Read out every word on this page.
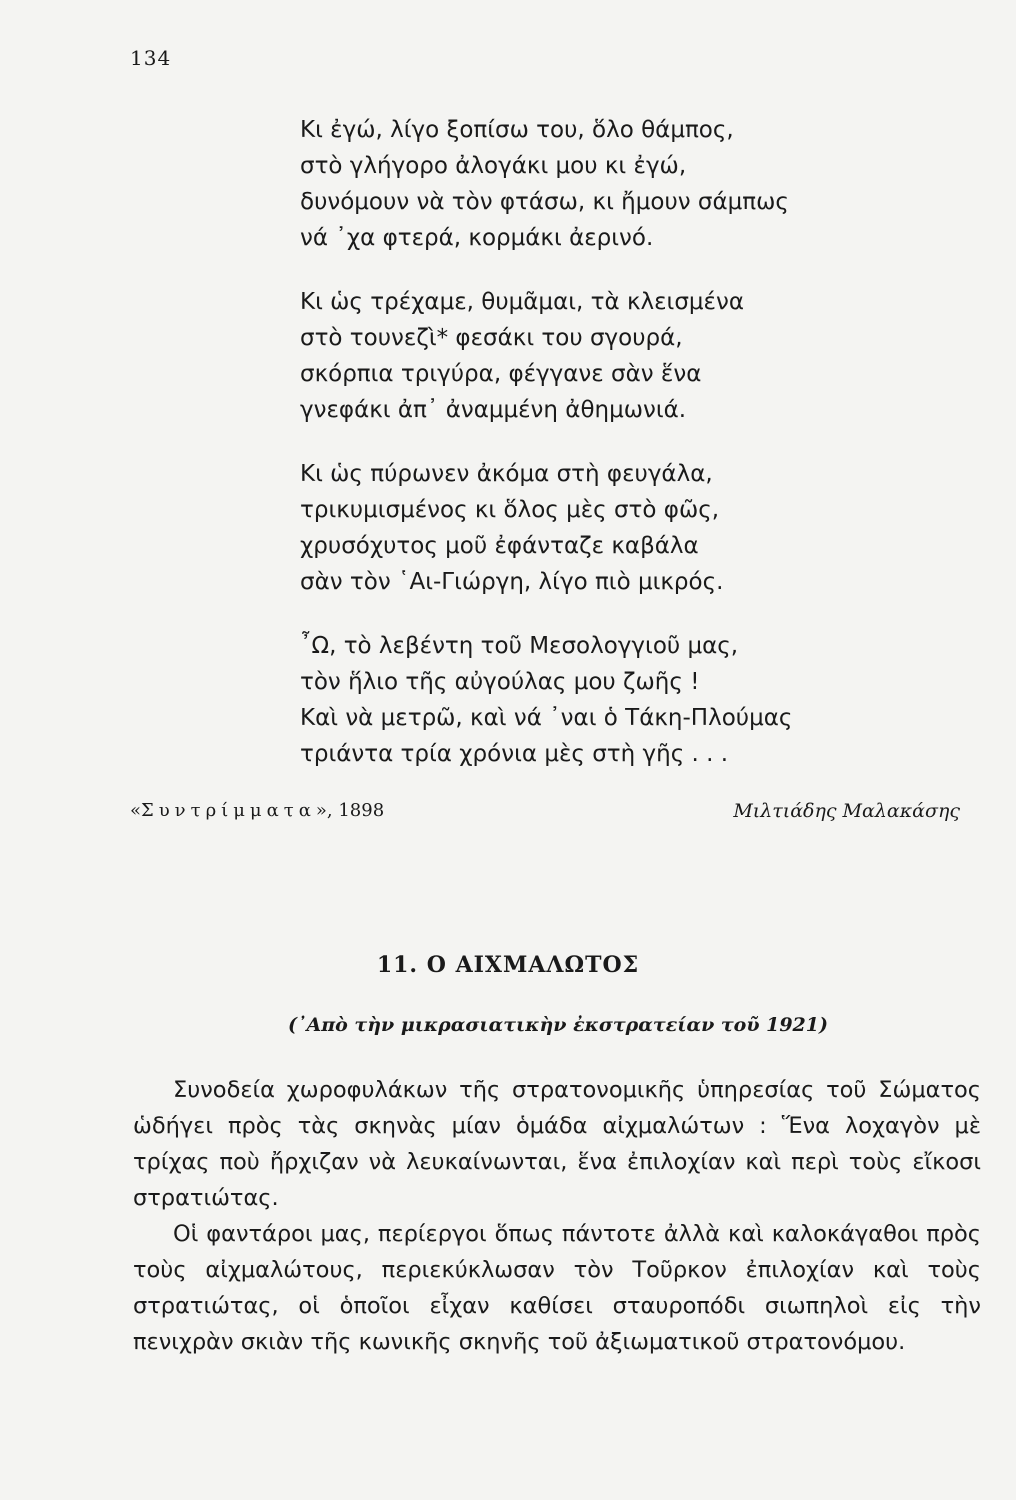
134
Κι ἐγώ, λίγο ξοπίσω του, ὅλο θάμπος,
στὸ γλήγορο ἀλογάκι μου κι ἐγώ,
δυνόμουν νὰ τὸν φτάσω, κι ἤμουν σάμπως
νά ᾽χα φτερά, κορμάκι ἀερινό.
Κι ὡς τρέχαμε, θυμᾶμαι, τὰ κλεισμένα
στὸ τουνεζὶ* φεσάκι του σγουρά,
σκόρπια τριγύρα, φέγγανε σὰν ἕνα
γνεφάκι ἀπ᾽ ἀναμμένη ἀθημωνιά.
Κι ὡς πύρωνεν ἀκόμα στὴ φευγάλα,
τρικυμισμένος κι ὅλος μὲς στὸ φῶς,
χρυσόχυτος μοῦ ἐφάνταζε καβάλα
σὰν τὸν ῾Αι-Γιώργη, λίγο πιὸ μικρός.
῏Ω, τὸ λεβέντη τοῦ Μεσολογγιοῦ μας,
τὸν ἥλιο τῆς αὐγούλας μου ζωῆς !
Καὶ νὰ μετρῶ, καὶ νά ᾽ναι ὁ Τάκη-Πλούμας
τριάντα τρία χρόνια μὲς στὴ γῆς . . .
«Συντρίμματα», 1898	Μιλτιάδης Μαλακάσης
11. Ο ΑΙΧΜΑΛΩΤΟΣ
(᾿Απὸ τὴν μικρασιατικὴν ἐκστρατείαν τοῦ 1921)

Συνοδεία χωροφυλάκων τῆς στρατονομικῆς ὑπηρεσίας τοῦ Σώματος ὡδήγει πρὸς τὰς σκηνὰς μίαν ὁμάδα αἰχμαλώτων : Ἕνα λοχαγὸν μὲ τρίχας ποὺ ἤρχιζαν νὰ λευκαίνωνται, ἕνα ἐπιλοχίαν καὶ περὶ τοὺς εἴκοσι στρατιώτας.

Οἱ φαντάροι μας, περίεργοι ὅπως πάντοτε ἀλλὰ καὶ καλοκάγαθοι πρὸς τοὺς αἰχμαλώτους, περιεκύκλωσαν τὸν Τοῦρκον ἐπιλοχίαν καὶ τοὺς στρατιώτας, οἱ ὁποῖοι εἶχαν καθίσει σταυροπόδι σιωπηλοὶ εἰς τὴν πενιχρὰν σκιὰν τῆς κωνικῆς σκηνῆς τοῦ ἀξιωματικοῦ στρατονόμου.
